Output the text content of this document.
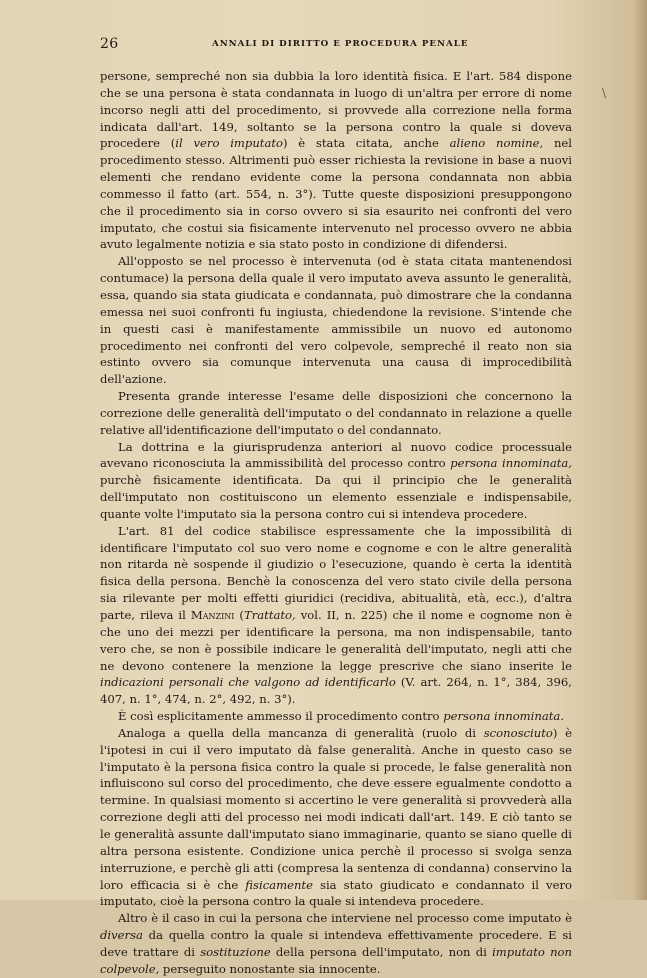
26	ANNALI DI DIRITTO E PROCEDURA PENALE
\

persone, sempreché non sia dubbia la loro identità fisica. E l'art. 584 dispone che se una persona è stata condannata in luogo di un'altra per errore di nome incorso negli atti del procedimento, si provvede alla correzione nella forma indicata dall'art. 149, soltanto se la persona contro la quale si doveva procedere (il vero imputato) è stata citata, anche alieno nomine, nel procedimento stesso. Altrimenti può esser richiesta la revisione in base a nuovi elementi che rendano evidente come la persona condannata non abbia commesso il fatto (art. 554, n. 3°). Tutte queste disposizioni presuppongono che il procedimento sia in corso ovvero si sia esaurito nei confronti del vero imputato, che costui sia fisicamente intervenuto nel processo ovvero ne abbia avuto legalmente notizia e sia stato posto in condizione di difendersi.

All'opposto se nel processo è intervenuta (od è stata citata mantenendosi contumace) la persona della quale il vero imputato aveva assunto le generalità, essa, quando sia stata giudicata e condannata, può dimostrare che la condanna emessa nei suoi confronti fu ingiusta, chiedendone la revisione. S'intende che in questi casi è manifestamente ammissibile un nuovo ed autonomo procedimento nei confronti del vero colpevole, sempreché il reato non sia estinto ovvero sia comunque intervenuta una causa di improcedibilità dell'azione.

Presenta grande interesse l'esame delle disposizioni che concernono la correzione delle generalità dell'imputato o del condannato in relazione a quelle relative all'identificazione dell'imputato o del condannato.

La dottrina e la giurisprudenza anteriori al nuovo codice processuale avevano riconosciuta la ammissibilità del processo contro persona innominata, purchè fisicamente identificata. Da qui il principio che le generalità dell'imputato non costituiscono un elemento essenziale e indispensabile, quante volte l'imputato sia la persona contro cui si intendeva procedere.

L'art. 81 del codice stabilisce espressamente che la impossibilità di identificare l'imputato col suo vero nome e cognome e con le altre generalità non ritarda nè sospende il giudizio o l'esecuzione, quando è certa la identità fisica della persona. Benchè la conoscenza del vero stato civile della persona sia rilevante per molti effetti giuridici (recidiva, abitualità, età, ecc.), d'altra parte, rileva il Manzini (Trattato, vol. II, n. 225) che il nome e cognome non è che uno dei mezzi per identificare la persona, ma non indispensabile, tanto vero che, se non è possibile indicare le generalità dell'imputato, negli atti che ne devono contenere la menzione la legge prescrive che siano inserite le indicazioni personali che valgono ad identificarlo (V. art. 264, n. 1°, 384, 396, 407, n. 1°, 474, n. 2°, 492, n. 3°).

È così esplicitamente ammesso il procedimento contro persona innominata.

Analoga a quella della mancanza di generalità (ruolo di sconosciuto) è l'ipotesi in cui il vero imputato dà false generalità. Anche in questo caso se l'imputato è la persona fisica contro la quale si procede, le false generalità non influiscono sul corso del procedimento, che deve essere egualmente condotto a termine. In qualsiasi momento si accertino le vere generalità si provvederà alla correzione degli atti del processo nei modi indicati dall'art. 149. E ciò tanto se le generalità assunte dall'imputato siano immaginarie, quanto se siano quelle di altra persona esistente. Condizione unica perchè il processo si svolga senza interruzione, e perchè gli atti (compresa la sentenza di condanna) conservino la loro efficacia si è che fisicamente sia stato giudicato e condannato il vero imputato, cioè la persona contro la quale si intendeva procedere.

Altro è il caso in cui la persona che interviene nel processo come imputato è diversa da quella contro la quale si intendeva effettivamente procedere. E si deve trattare di sostituzione della persona dell'imputato, non di imputato non colpevole, perseguito nonostante sia innocente.
